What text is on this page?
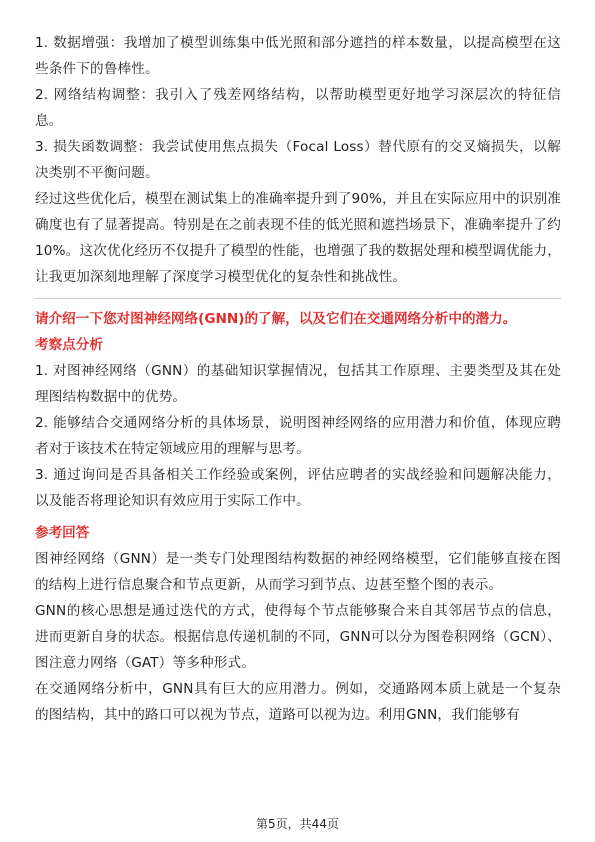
1. 数据增强：我增加了模型训练集中低光照和部分遮挡的样本数量，以提高模型在这些条件下的鲁棒性。

2. 网络结构调整：我引入了残差网络结构，以帮助模型更好地学习深层次的特征信息。

3. 损失函数调整：我尝试使用焦点损失（Focal Loss）替代原有的交叉熵损失，以解决类别不平衡问题。

经过这些优化后，模型在测试集上的准确率提升到了90%，并且在实际应用中的识别准确度也有了显著提高。特别是在之前表现不佳的低光照和遮挡场景下，准确率提升了约10%。这次优化经历不仅提升了模型的性能，也增强了我的数据处理和模型调优能力，让我更加深刻地理解了深度学习模型优化的复杂性和挑战性。

请介绍一下您对图神经网络(GNN)的了解，以及它们在交通网络分析中的潜力。
考察点分析

1. 对图神经网络（GNN）的基础知识掌握情况，包括其工作原理、主要类型及其在处理图结构数据中的优势。

2. 能够结合交通网络分析的具体场景，说明图神经网络的应用潜力和价值，体现应聘者对于该技术在特定领域应用的理解与思考。

3. 通过询问是否具备相关工作经验或案例，评估应聘者的实战经验和问题解决能力，以及能否将理论知识有效应用于实际工作中。

参考回答

图神经网络（GNN）是一类专门处理图结构数据的神经网络模型，它们能够直接在图的结构上进行信息聚合和节点更新，从而学习到节点、边甚至整个图的表示。

GNN的核心思想是通过迭代的方式，使得每个节点能够聚合来自其邻居节点的信息，进而更新自身的状态。根据信息传递机制的不同，GNN可以分为图卷积网络（GCN）、图注意力网络（GAT）等多种形式。

在交通网络分析中，GNN具有巨大的应用潜力。例如，交通路网本质上就是一个复杂的图结构，其中的路口可以视为节点，道路可以视为边。利用GNN，我们能够有

第5页，共44页
